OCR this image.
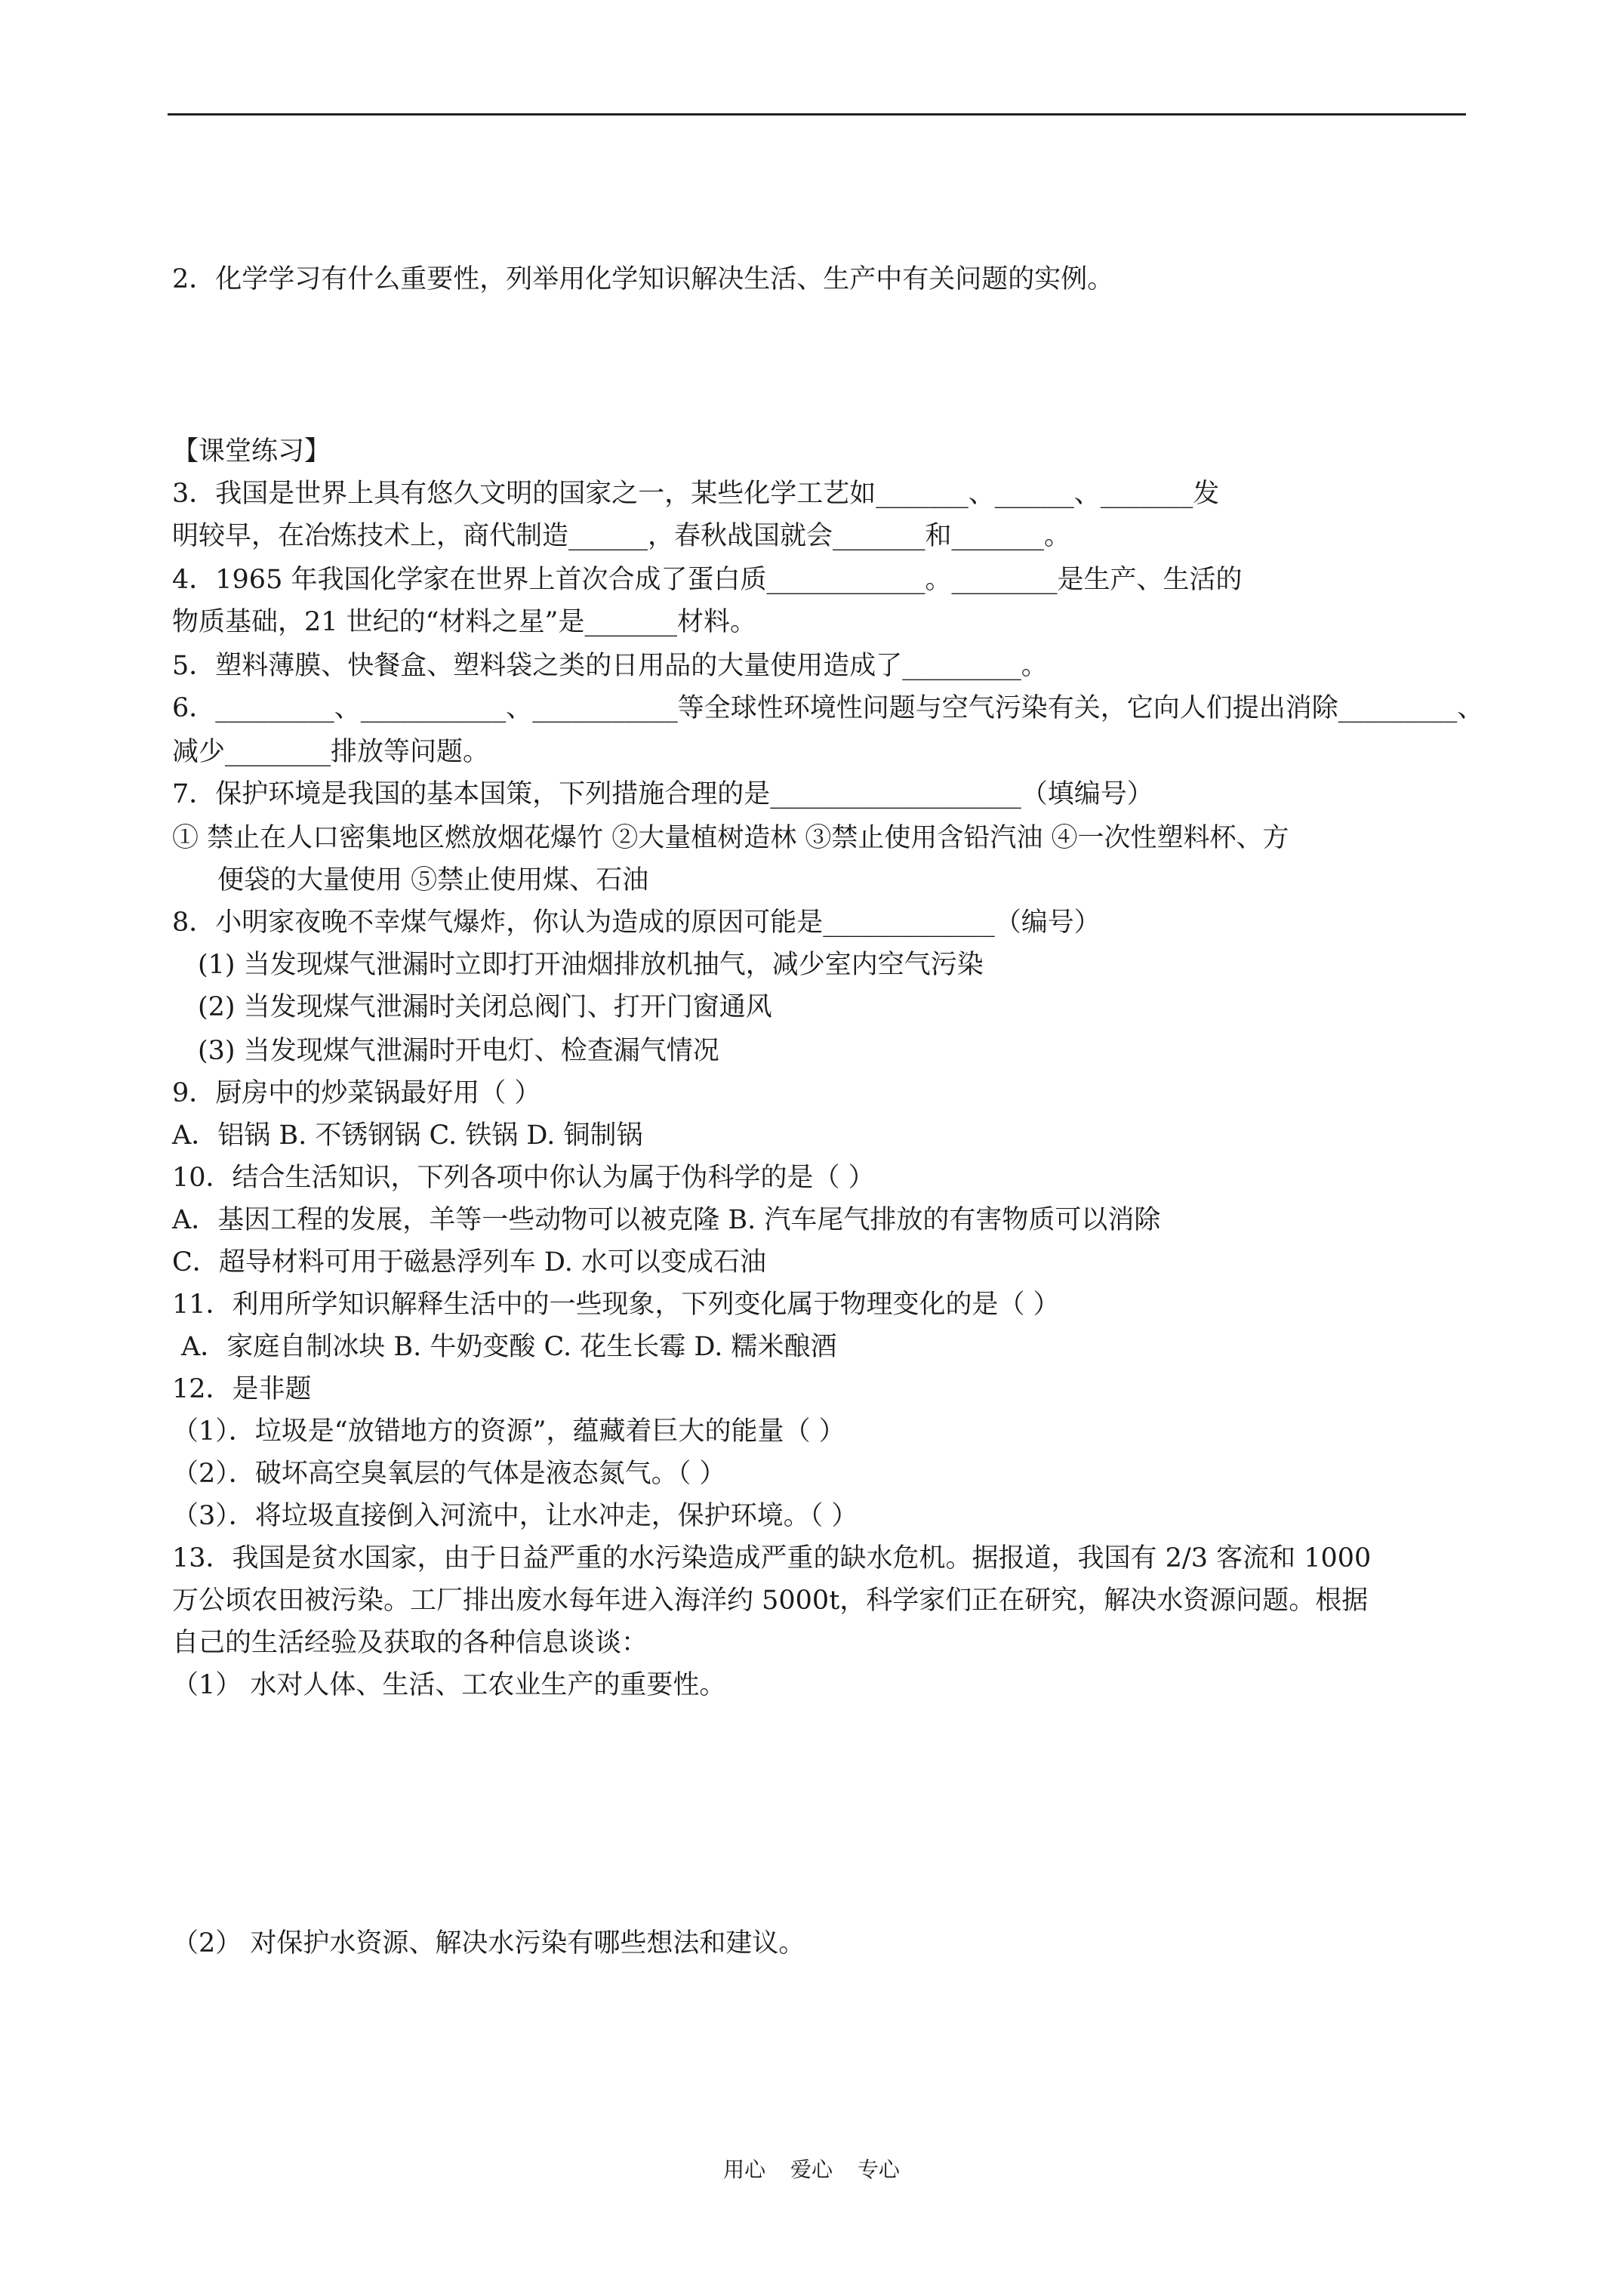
2．化学学习有什么重要性，列举用化学知识解决生活、生产中有关问题的实例。
【课堂练习】
3．我国是世界上具有悠久文明的国家之一，某些化学工艺如_______、______、_______发
明较早，在冶炼技术上，商代制造______，春秋战国就会_______和_______。
4．1965 年我国化学家在世界上首次合成了蛋白质____________。________是生产、生活的
物质基础，21 世纪的“材料之星”是_______材料。
5．塑料薄膜、快餐盒、塑料袋之类的日用品的大量使用造成了_________。
6．_________、___________、___________等全球性环境性问题与空气污染有关，它向人们提出消除_________、
减少________排放等问题。
7．保护环境是我国的基本国策，下列措施合理的是___________________（填编号）
① 禁止在人口密集地区燃放烟花爆竹 ②大量植树造林 ③禁止使用含铅汽油 ④一次性塑料杯、方
便袋的大量使用 ⑤禁止使用煤、石油
8．小明家夜晚不幸煤气爆炸，你认为造成的原因可能是_____________（编号）
(1) 当发现煤气泄漏时立即打开油烟排放机抽气，减少室内空气污染
(2) 当发现煤气泄漏时关闭总阀门、打开门窗通风
(3) 当发现煤气泄漏时开电灯、检查漏气情况
9．厨房中的炒菜锅最好用（ ）
A．铝锅 B. 不锈钢锅 C. 铁锅 D. 铜制锅
10．结合生活知识，下列各项中你认为属于伪科学的是（ ）
A．基因工程的发展，羊等一些动物可以被克隆 B. 汽车尾气排放的有害物质可以消除
C．超导材料可用于磁悬浮列车 D. 水可以变成石油
11．利用所学知识解释生活中的一些现象，下列变化属于物理变化的是（ ）
A．家庭自制冰块 B. 牛奶变酸 C. 花生长霉 D. 糯米酿酒
12．是非题
（1）．垃圾是“放错地方的资源”，蕴藏着巨大的能量（ ）
（2）．破坏高空臭氧层的气体是液态氮气。（ ）
（3）．将垃圾直接倒入河流中，让水冲走，保护环境。（ ）
13．我国是贫水国家，由于日益严重的水污染造成严重的缺水危机。据报道，我国有 2/3 客流和 1000
万公顷农田被污染。工厂排出废水每年进入海洋约 5000t，科学家们正在研究，解决水资源问题。根据
自己的生活经验及获取的各种信息谈谈：
（1） 水对人体、生活、工农业生产的重要性。
（2） 对保护水资源、解决水污染有哪些想法和建议。
用心 爱心 专心
